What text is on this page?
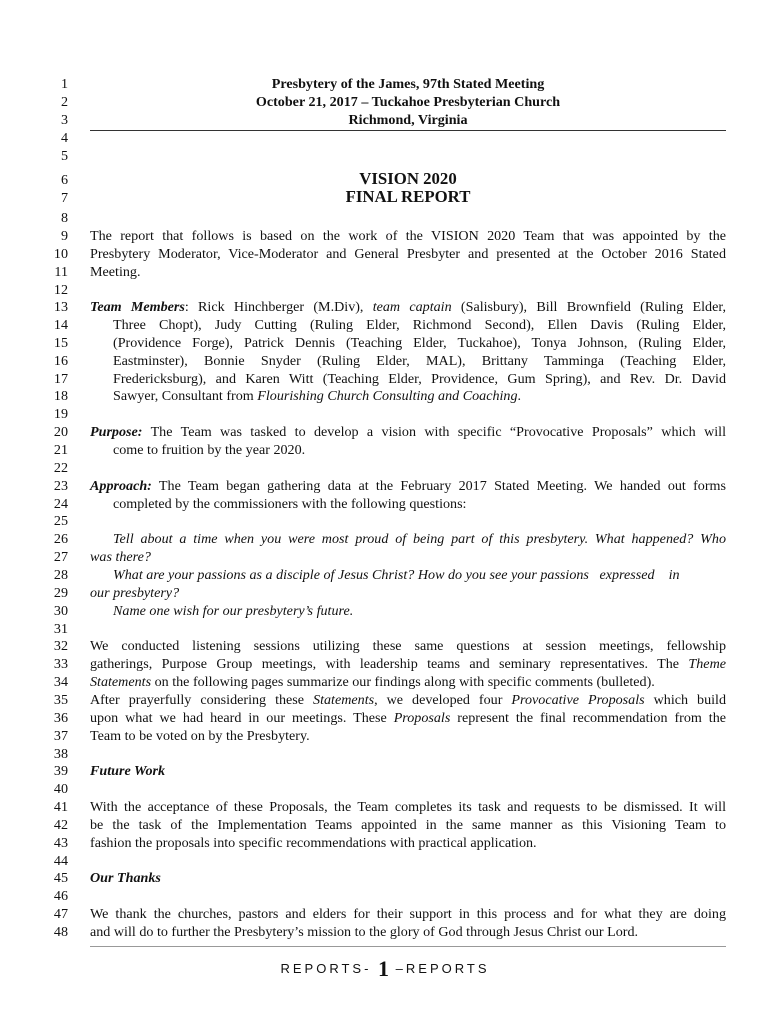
1
2
3
4
5
6
7
8
9
10
11
12
13
14
15
16
17
18
19
20
21
22
23
24
25
26
27
28
29
30
31
32
33
34
35
36
37
38
39
40
41
42
43
44
45
46
47
48
Presbytery of the James, 97th Stated Meeting
October 21, 2017 – Tuckahoe Presbyterian Church
Richmond, Virginia
VISION 2020
FINAL REPORT
The report that follows is based on the work of the VISION 2020 Team that was appointed by the
Presbytery Moderator, Vice-Moderator and General Presbyter and presented at the October 2016 Stated
Meeting.
Team Members: Rick Hinchberger (M.Div), team captain (Salisbury), Bill Brownfield (Ruling Elder,
Three Chopt), Judy Cutting (Ruling Elder, Richmond Second), Ellen Davis (Ruling Elder,
(Providence Forge), Patrick Dennis (Teaching Elder, Tuckahoe), Tonya Johnson, (Ruling Elder,
Eastminster), Bonnie Snyder (Ruling Elder, MAL), Brittany Tamminga (Teaching Elder,
Fredericksburg), and Karen Witt (Teaching Elder, Providence, Gum Spring), and Rev. Dr. David
Sawyer, Consultant from Flourishing Church Consulting and Coaching.
Purpose: The Team was tasked to develop a vision with specific “Provocative Proposals” which will
come to fruition by the year 2020.
Approach: The Team began gathering data at the February 2017 Stated Meeting. We handed out forms
completed by the commissioners with the following questions:
Tell about a time when you were most proud of being part of this presbytery. What happened? Who
was there?
What are your passions as a disciple of Jesus Christ? How do you see your passions   expressed    in
our presbytery?
Name one wish for our presbytery’s future.
We conducted listening sessions utilizing these same questions at session meetings, fellowship
gatherings, Purpose Group meetings, with leadership teams and seminary representatives. The Theme
Statements on the following pages summarize our findings along with specific comments (bulleted).
After prayerfully considering these Statements, we developed four Provocative Proposals which build
upon what we had heard in our meetings. These Proposals represent the final recommendation from the
Team to be voted on by the Presbytery.
Future Work
With the acceptance of these Proposals, the Team completes its task and requests to be dismissed. It will
be the task of the Implementation Teams appointed in the same manner as this Visioning Team to
fashion the proposals into specific recommendations with practical application.
Our Thanks
We thank the churches, pastors and elders for their support in this process and for what they are doing
and will do to further the Presbytery’s mission to the glory of God through Jesus Christ our Lord.
REPORTS- 1 –REPORTS
